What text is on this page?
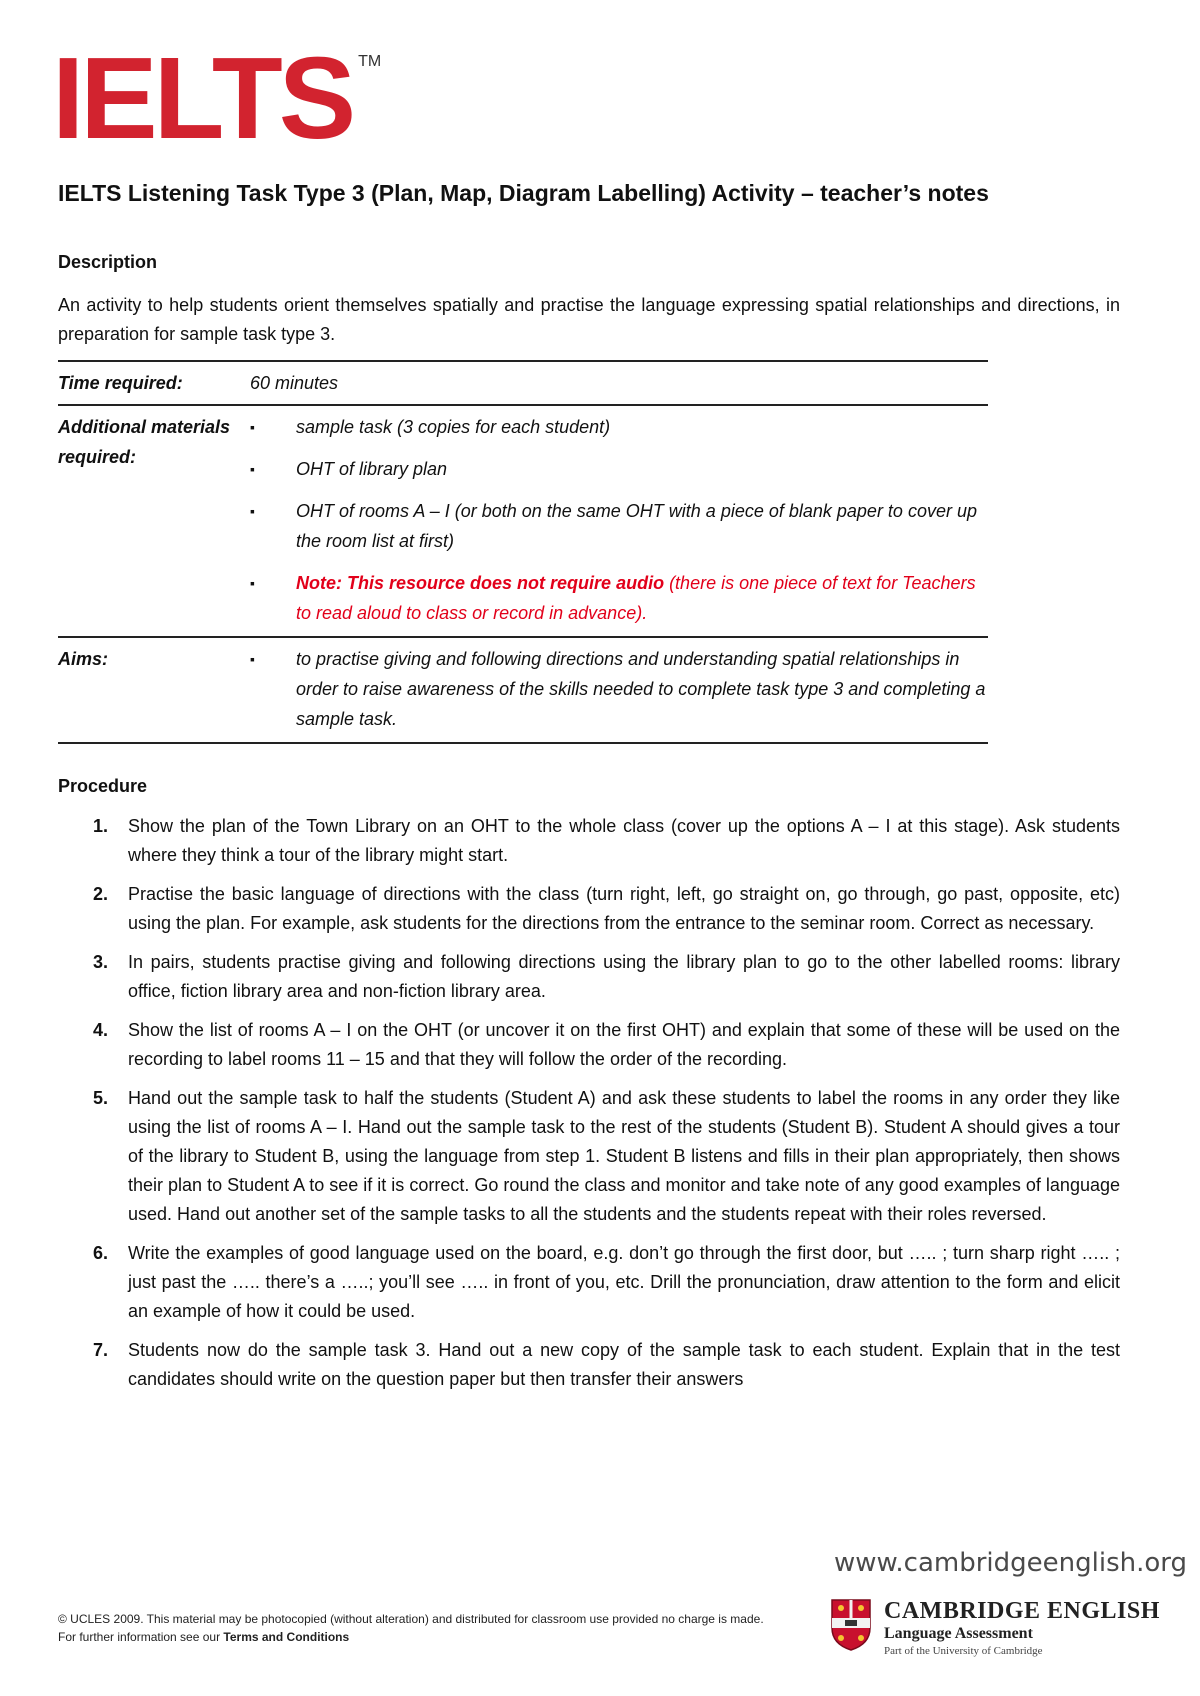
IELTS ™
IELTS Listening Task Type 3 (Plan, Map, Diagram Labelling) Activity – teacher’s notes
Description

An activity to help students orient themselves spatially and practise the language expressing spatial relationships and directions, in preparation for sample task type 3.

Time required:	60 minutes
Additional materials required:
▪ sample task (3 copies for each student)
▪ OHT of library plan
▪ OHT of rooms A – I (or both on the same OHT with a piece of blank paper to cover up the room list at first)
▪ Note: This resource does not require audio (there is one piece of text for Teachers to read aloud to class or record in advance).
Aims:	▪ to practise giving and following directions and understanding spatial relationships in order to raise awareness of the skills needed to complete task type 3 and completing a sample task.
Procedure
1. Show the plan of the Town Library on an OHT to the whole class (cover up the options A – I at this stage). Ask students where they think a tour of the library might start.
2. Practise the basic language of directions with the class (turn right, left, go straight on, go through, go past, opposite, etc) using the plan. For example, ask students for the directions from the entrance to the seminar room. Correct as necessary.
3. In pairs, students practise giving and following directions using the library plan to go to the other labelled rooms: library office, fiction library area and non-fiction library area.
4. Show the list of rooms A – I on the OHT (or uncover it on the first OHT) and explain that some of these will be used on the recording to label rooms 11 – 15 and that they will follow the order of the recording.
5. Hand out the sample task to half the students (Student A) and ask these students to label the rooms in any order they like using the list of rooms A – I. Hand out the sample task to the rest of the students (Student B). Student A should gives a tour of the library to Student B, using the language from step 1. Student B listens and fills in their plan appropriately, then shows their plan to Student A to see if it is correct. Go round the class and monitor and take note of any good examples of language used. Hand out another set of the sample tasks to all the students and the students repeat with their roles reversed.
6. Write the examples of good language used on the board, e.g. don’t go through the first door, but ….. ; turn sharp right ….. ; just past the ….. there’s a …..; you’ll see ….. in front of you, etc. Drill the pronunciation, draw attention to the form and elicit an example of how it could be used.
7. Students now do the sample task 3. Hand out a new copy of the sample task to each student. Explain that in the test candidates should write on the question paper but then transfer their answers
www.cambridgeenglish.org
© UCLES 2009. This material may be photocopied (without alteration) and distributed for classroom use provided no charge is made. For further information see our Terms and Conditions
CAMBRIDGE ENGLISH
Language Assessment
Part of the University of Cambridge
